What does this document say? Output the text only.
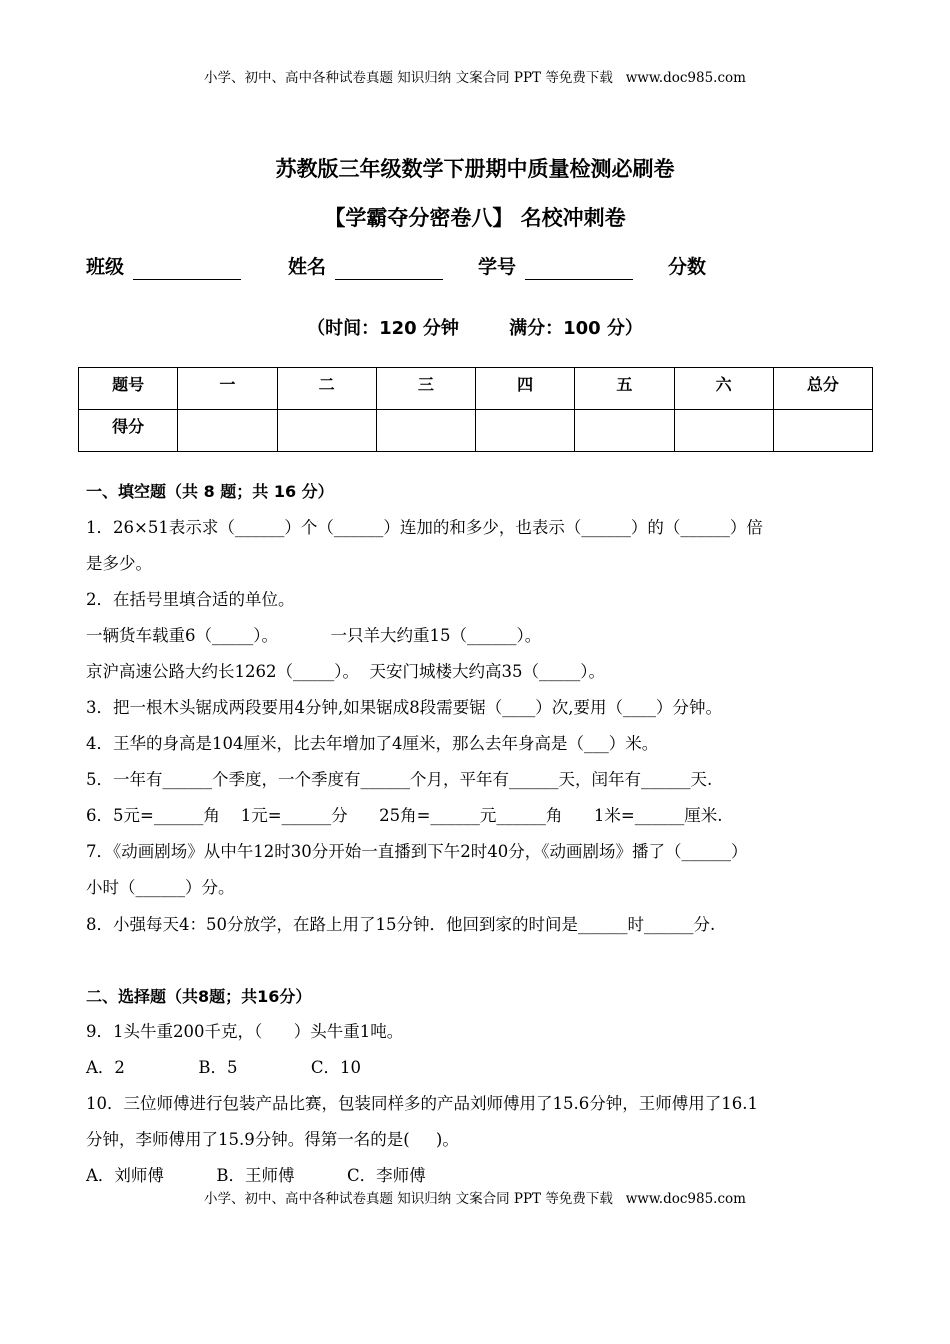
小学、初中、高中各种试卷真题 知识归纳 文案合同 PPT 等免费下载   www.doc985.com
苏教版三年级数学下册期中质量检测必刷卷
【学霸夺分密卷八】 名校冲刺卷
班级	姓名	学号	分数
（时间：120 分钟        满分：100 分）
题号	一	二	三	四	五	六	总分
得分							
一、填空题（共 8 题；共 16 分）
1．26×51表示求（______）个（______）连加的和多少，也表示（______）的（______）倍
是多少。
2．在括号里填合适的单位。
一辆货车载重6（_____）。          一只羊大约重15（______）。
京沪高速公路大约长1262（_____）。  天安门城楼大约高35（_____）。
3．把一根木头锯成两段要用4分钟,如果锯成8段需要锯（____）次,要用（____）分钟。
4．王华的身高是104厘米，比去年增加了4厘米，那么去年身高是（___）米。
5．一年有______个季度，一个季度有______个月，平年有______天，闰年有______天.
6．5元=______角    1元=______分      25角=______元______角      1米=______厘米.
7．《动画剧场》从中午12时30分开始一直播到下午2时40分，《动画剧场》播了（______）
小时（______）分。
8．小强每天4：50分放学，在路上用了15分钟．他回到家的时间是______时______分.
二、选择题（共8题；共16分）
9．1头牛重200千克，（      ）头牛重1吨。
A．2              B．5              C．10
10．三位师傅进行包装产品比赛，包装同样多的产品刘师傅用了15.6分钟，王师傅用了16.1
分钟，李师傅用了15.9分钟。得第一名的是(     )。
A．刘师傅          B．王师傅          C．李师傅
小学、初中、高中各种试卷真题 知识归纳 文案合同 PPT 等免费下载   www.doc985.com
